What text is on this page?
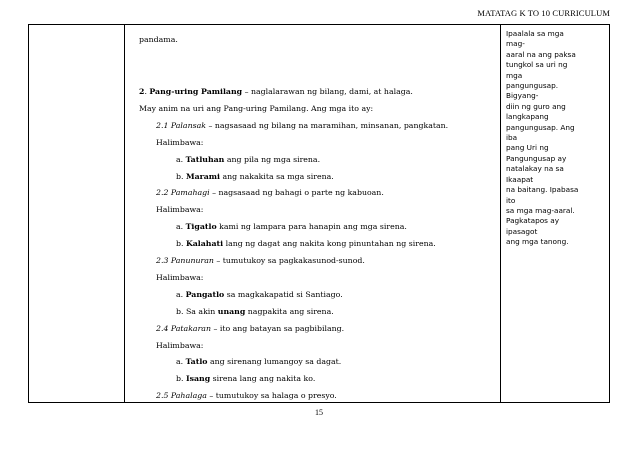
MATATAG K TO 10 CURRICULUM
pandama.
2. Pang-uring Pamilang – naglalarawan ng bilang, dami, at halaga.
May anim na uri ang Pang-uring Pamilang. Ang mga ito ay:
2.1 Palansak – nagsasaad ng bilang na maramihan, minsanan, pangkatan.
Halimbawa:
a. Tatluhan ang pila ng mga sirena.
b. Marami ang nakakita sa mga sirena.
2.2 Pamahagi – nagsasaad ng bahagi o parte ng kabuoan.
Halimbawa:
a. Tigatlo kami ng lampara para hanapin ang mga sirena.
b. Kalahati lang ng dagat ang nakita kong pinuntahan ng sirena.
2.3 Panunuran – tumutukoy sa pagkakasunod-sunod.
Halimbawa:
a. Pangatlo sa magkakapatid si Santiago.
b. Sa akin unang nagpakita ang sirena.
2.4 Patakaran – ito ang batayan sa pagbibilang.
Halimbawa:
a. Tatlo ang sirenang lumangoy sa dagat.
b. Isang sirena lang ang nakita ko.
2.5 Pahalaga – tumutukoy sa halaga o presyo.
Ipaalala sa mga mag-
aaral na ang paksa
tungkol sa uri ng mga
pangungusap. Bigyang-
diin ng guro ang
langkapang
pangungusap. Ang iba
pang Uri ng
Pangungusap ay
natalakay na sa Ikaapat
na baitang. Ipabasa ito
sa mga mag-aaral.
Pagkatapos ay ipasagot
ang mga tanong.
15
